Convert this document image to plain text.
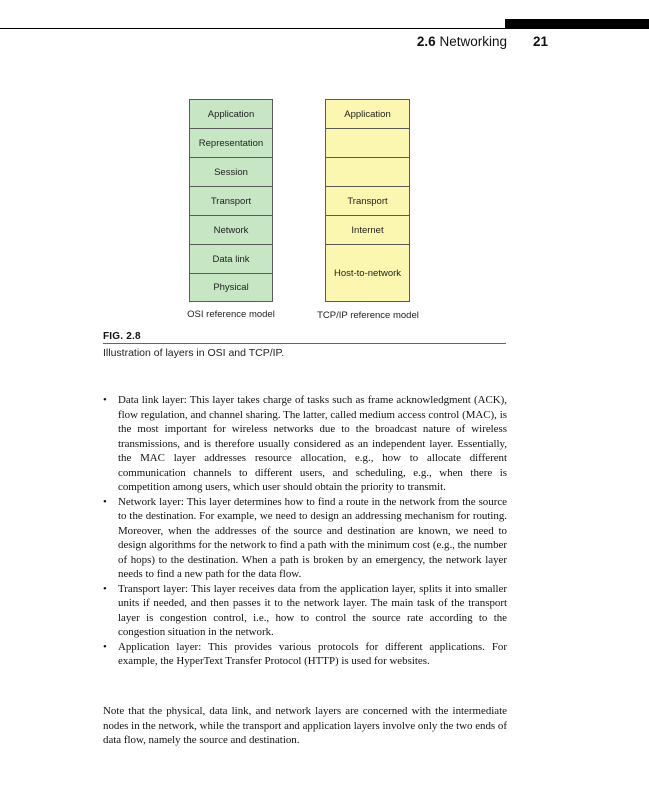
2.6 Networking 21
Application
Representation
Session
Transport
Network
Data link
Physical
Application
Transport
Internet
Host-to-network
OSI reference model	TCP/IP reference model
FIG. 2.8
Illustration of layers in OSI and TCP/IP.
• Data link layer: This layer takes charge of tasks such as frame acknowledgment (ACK), flow regulation, and channel sharing. The latter, called medium access control (MAC), is the most important for wireless networks due to the broadcast nature of wireless transmissions, and is therefore usually considered as an independent layer. Essentially, the MAC layer addresses resource allocation, e.g., how to allocate different communication channels to different users, and scheduling, e.g., when there is competition among users, which user should obtain the priority to transmit.
• Network layer: This layer determines how to find a route in the network from the source to the destination. For example, we need to design an addressing mechanism for routing. Moreover, when the addresses of the source and destination are known, we need to design algorithms for the network to find a path with the minimum cost (e.g., the number of hops) to the destination. When a path is broken by an emergency, the network layer needs to find a new path for the data flow.
• Transport layer: This layer receives data from the application layer, splits it into smaller units if needed, and then passes it to the network layer. The main task of the transport layer is congestion control, i.e., how to control the source rate according to the congestion situation in the network.
• Application layer: This provides various protocols for different applications. For example, the HyperText Transfer Protocol (HTTP) is used for websites.

Note that the physical, data link, and network layers are concerned with the intermediate nodes in the network, while the transport and application layers involve only the two ends of data flow, namely the source and destination.
